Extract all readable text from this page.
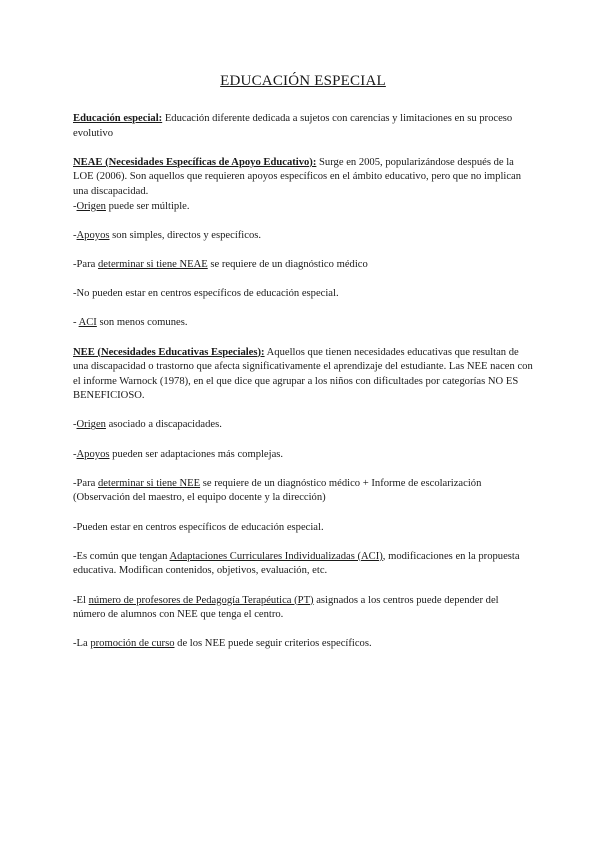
EDUCACIÓN ESPECIAL

Educación especial: Educación diferente dedicada a sujetos con carencias y limitaciones en su proceso evolutivo

NEAE (Necesidades Específicas de Apoyo Educativo): Surge en 2005, popularizándose después de la LOE (2006). Son aquellos que requieren apoyos específicos en el ámbito educativo, pero que no implican una discapacidad.

-Origen puede ser múltiple.

-Apoyos son simples, directos y específicos.

-Para determinar si tiene NEAE se requiere de un diagnóstico médico

-No pueden estar en centros específicos de educación especial.

- ACI son menos comunes.

NEE (Necesidades Educativas Especiales): Aquellos que tienen necesidades educativas que resultan de una discapacidad o trastorno que afecta significativamente el aprendizaje del estudiante. Las NEE nacen con el informe Warnock (1978), en el que dice que agrupar a los niños con dificultades por categorías NO ES BENEFICIOSO.

-Origen asociado a discapacidades.

-Apoyos pueden ser adaptaciones más complejas.

-Para determinar si tiene NEE se requiere de un diagnóstico médico + Informe de escolarización (Observación del maestro, el equipo docente y la dirección)

-Pueden estar en centros específicos de educación especial.

-Es común que tengan Adaptaciones Curriculares Individualizadas (ACI), modificaciones en la propuesta educativa. Modifican contenidos, objetivos, evaluación, etc.

-El número de profesores de Pedagogía Terapéutica (PT) asignados a los centros puede depender del número de alumnos con NEE que tenga el centro.

-La promoción de curso de los NEE puede seguir criterios específicos.
